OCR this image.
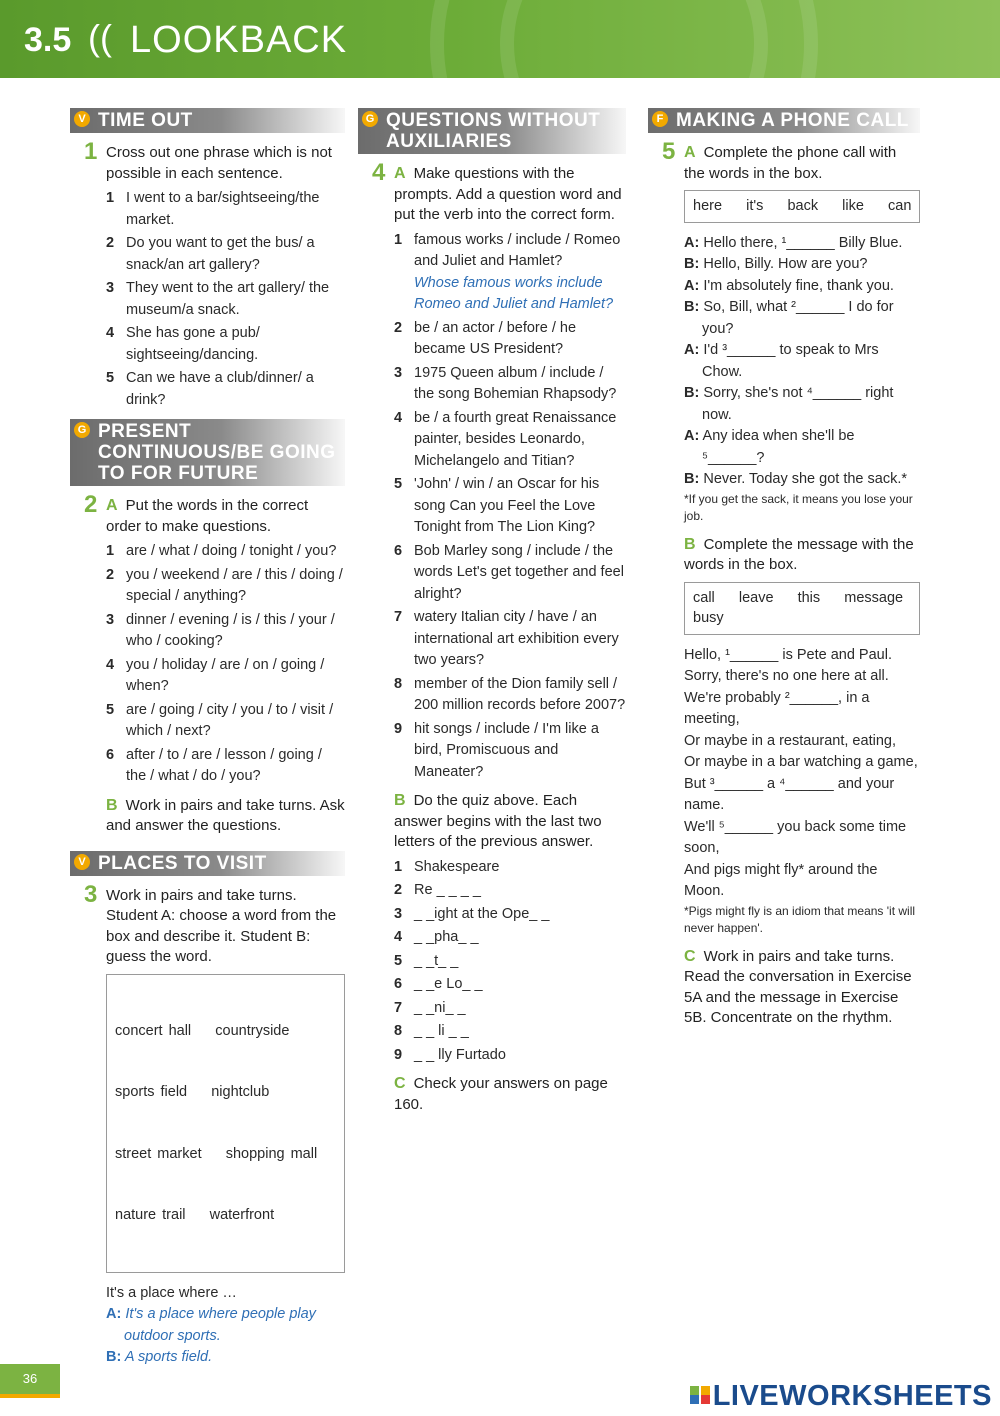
3.5 (( LOOKBACK
V TIME OUT
1 Cross out one phrase which is not possible in each sentence.
1 I went to a bar/sightseeing/the market.
2 Do you want to get the bus/ a snack/an art gallery?
3 They went to the art gallery/ the museum/a snack.
4 She has gone a pub/ sightseeing/dancing.
5 Can we have a club/dinner/ a drink?
G PRESENT CONTINUOUS/BE GOING TO FOR FUTURE
2 A Put the words in the correct order to make questions.
1 are / what / doing / tonight / you?
2 you / weekend / are / this / doing / special / anything?
3 dinner / evening / is / this / your / who / cooking?
4 you / holiday / are / on / going / when?
5 are / going / city / you / to / visit / which / next?
6 after / to / are / lesson / going / the / what / do / you?
B Work in pairs and take turns. Ask and answer the questions.
V PLACES TO VISIT
3 Work in pairs and take turns. Student A: choose a word from the box and describe it. Student B: guess the word.

concert hall    countryside

sports field    nightclub

street market    shopping mall

nature trail    waterfront

It's a place where …
A: It's a place where people play outdoor sports.
B: A sports field.
G QUESTIONS WITHOUT AUXILIARIES
4 A Make questions with the prompts. Add a question word and put the verb into the correct form.
1 famous works / include / Romeo and Juliet and Hamlet?
Whose famous works include Romeo and Juliet and Hamlet?
2 be / an actor / before / he became US President?
3 1975 Queen album / include / the song Bohemian Rhapsody?
4 be / a fourth great Renaissance painter, besides Leonardo, Michelangelo and Titian?
5 'John' / win / an Oscar for his song Can you Feel the Love Tonight from The Lion King?
6 Bob Marley song / include / the words Let's get together and feel alright?
7 watery Italian city / have / an international art exhibition every two years?
8 member of the Dion family sell / 200 million records before 2007?
9 hit songs / include / I'm like a bird, Promiscuous and Maneater?
B Do the quiz above. Each answer begins with the last two letters of the previous answer.
1 Shakespeare
2 Re _ _ _ _
3 _ _ight at the Ope_ _
4 _ _pha_ _
5 _ _t_ _
6 _ _e Lo_ _
7 _ _ni_ _
8 _ _ li _ _
9 _ _ lly Furtado
C Check your answers on page 160.
F MAKING A PHONE CALL
5 A Complete the phone call with the words in the box.
here   it's   back   like   can
A: Hello there, ¹______ Billy Blue.
B: Hello, Billy. How are you?
A: I'm absolutely fine, thank you.
B: So, Bill, what ²______ I do for you?
A: I'd ³______ to speak to Mrs Chow.
B: Sorry, she's not ⁴______ right now.
A: Any idea when she'll be ⁵______?
B: Never. Today she got the sack.*
*If you get the sack, it means you lose your job.
B Complete the message with the words in the box.
call   leave   this   message   busy
Hello, ¹______ is Pete and Paul.
Sorry, there's no one here at all.
We're probably ²______, in a meeting,
Or maybe in a restaurant, eating,
Or maybe in a bar watching a game,
But ³______ a ⁴______ and your name.
We'll ⁵______ you back some time soon,
And pigs might fly* around the Moon.
*Pigs might fly is an idiom that means 'it will never happen'.
C Work in pairs and take turns. Read the conversation in Exercise 5A and the message in Exercise 5B. Concentrate on the rhythm.
36

LIVEWORKSHEETS
